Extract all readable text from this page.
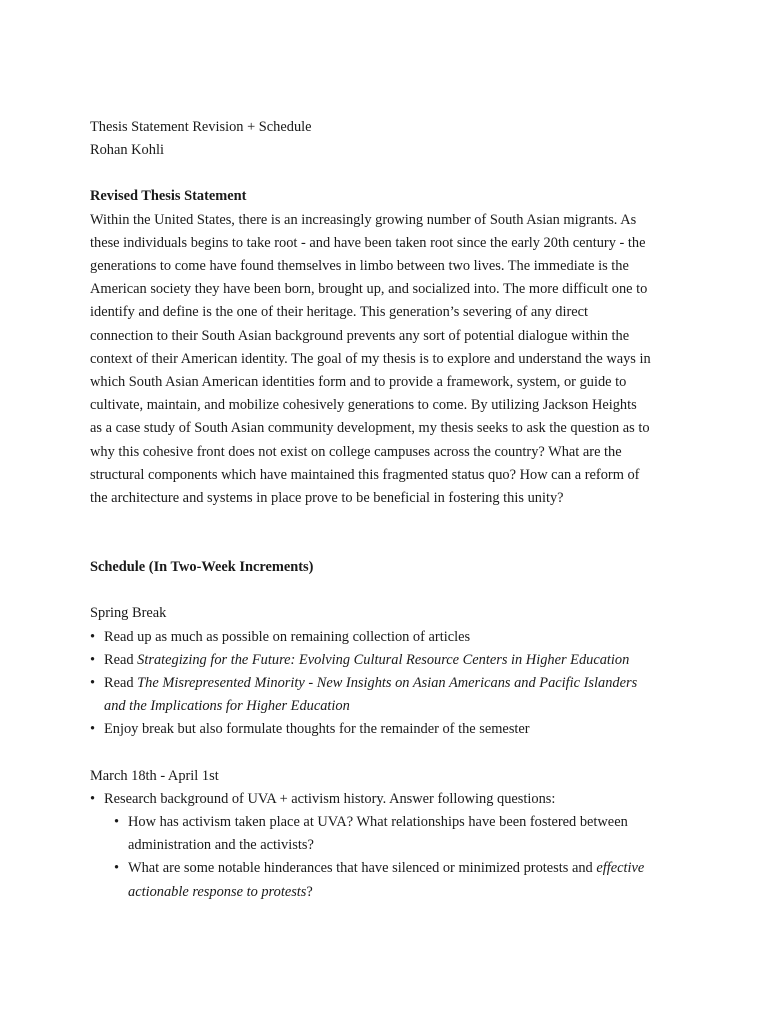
Thesis Statement Revision + Schedule
Rohan Kohli
Revised Thesis Statement
Within the United States, there is an increasingly growing number of South Asian migrants. As
these individuals begins to take root - and have been taken root since the early 20th century - the
generations to come have found themselves in limbo between two lives. The immediate is the
American society they have been born, brought up, and socialized into. The more difficult one to
identify and define is the one of their heritage. This generation’s severing of any direct
connection to their South Asian background prevents any sort of potential dialogue within the
context of their American identity. The goal of my thesis is to explore and understand the ways in
which South Asian American identities form and to provide a framework, system, or guide to
cultivate, maintain, and mobilize cohesively generations to come. By utilizing Jackson Heights
as a case study of South Asian community development, my thesis seeks to ask the question as to
why this cohesive front does not exist on college campuses across the country? What are the
structural components which have maintained this fragmented status quo? How can a reform of
the architecture and systems in place prove to be beneficial in fostering this unity?
Schedule (In Two-Week Increments)
Spring Break
• Read up as much as possible on remaining collection of articles
• Read Strategizing for the Future: Evolving Cultural Resource Centers in Higher Education
• Read The Misrepresented Minority - New Insights on Asian Americans and Pacific Islanders
and the Implications for Higher Education
• Enjoy break but also formulate thoughts for the remainder of the semester
March 18th - April 1st
• Research background of UVA + activism history. Answer following questions:
• How has activism taken place at UVA? What relationships have been fostered between
administration and the activists?
• What are some notable hinderances that have silenced or minimized protests and effective
actionable response to protests?
